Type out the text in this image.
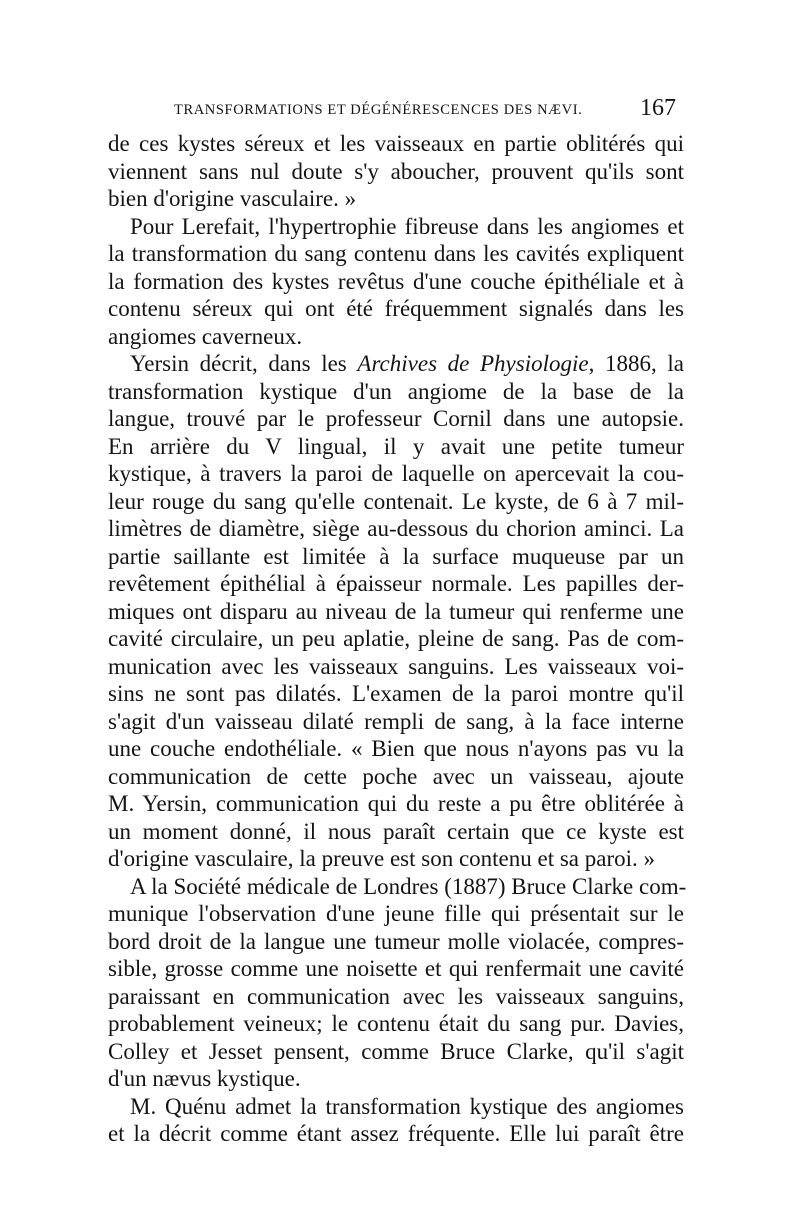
TRANSFORMATIONS ET DÉGÉNÉRESCENCES DES NÆVI. 167
de ces kystes séreux et les vaisseaux en partie oblitérés qui
viennent sans nul doute s'y aboucher, prouvent qu'ils sont
bien d'origine vasculaire. »
Pour Lerefait, l'hypertrophie fibreuse dans les angiomes et
la transformation du sang contenu dans les cavités expliquent
la formation des kystes revêtus d'une couche épithéliale et à
contenu séreux qui ont été fréquemment signalés dans les
angiomes caverneux.
Yersin décrit, dans les Archives de Physiologie, 1886, la
transformation kystique d'un angiome de la base de la
langue, trouvé par le professeur Cornil dans une autopsie.
En arrière du V lingual, il y avait une petite tumeur
kystique, à travers la paroi de laquelle on apercevait la cou-
leur rouge du sang qu'elle contenait. Le kyste, de 6 à 7 mil-
limètres de diamètre, siège au-dessous du chorion aminci. La
partie saillante est limitée à la surface muqueuse par un
revêtement épithélial à épaisseur normale. Les papilles der-
miques ont disparu au niveau de la tumeur qui renferme une
cavité circulaire, un peu aplatie, pleine de sang. Pas de com-
munication avec les vaisseaux sanguins. Les vaisseaux voi-
sins ne sont pas dilatés. L'examen de la paroi montre qu'il
s'agit d'un vaisseau dilaté rempli de sang, à la face interne
une couche endothéliale. « Bien que nous n'ayons pas vu la
communication de cette poche avec un vaisseau, ajoute
M. Yersin, communication qui du reste a pu être oblitérée à
un moment donné, il nous paraît certain que ce kyste est
d'origine vasculaire, la preuve est son contenu et sa paroi. »
A la Société médicale de Londres (1887) Bruce Clarke com-
munique l'observation d'une jeune fille qui présentait sur le
bord droit de la langue une tumeur molle violacée, compres-
sible, grosse comme une noisette et qui renfermait une cavité
paraissant en communication avec les vaisseaux sanguins,
probablement veineux; le contenu était du sang pur. Davies,
Colley et Jesset pensent, comme Bruce Clarke, qu'il s'agit
d'un nævus kystique.
M. Quénu admet la transformation kystique des angiomes
et la décrit comme étant assez fréquente. Elle lui paraît être
